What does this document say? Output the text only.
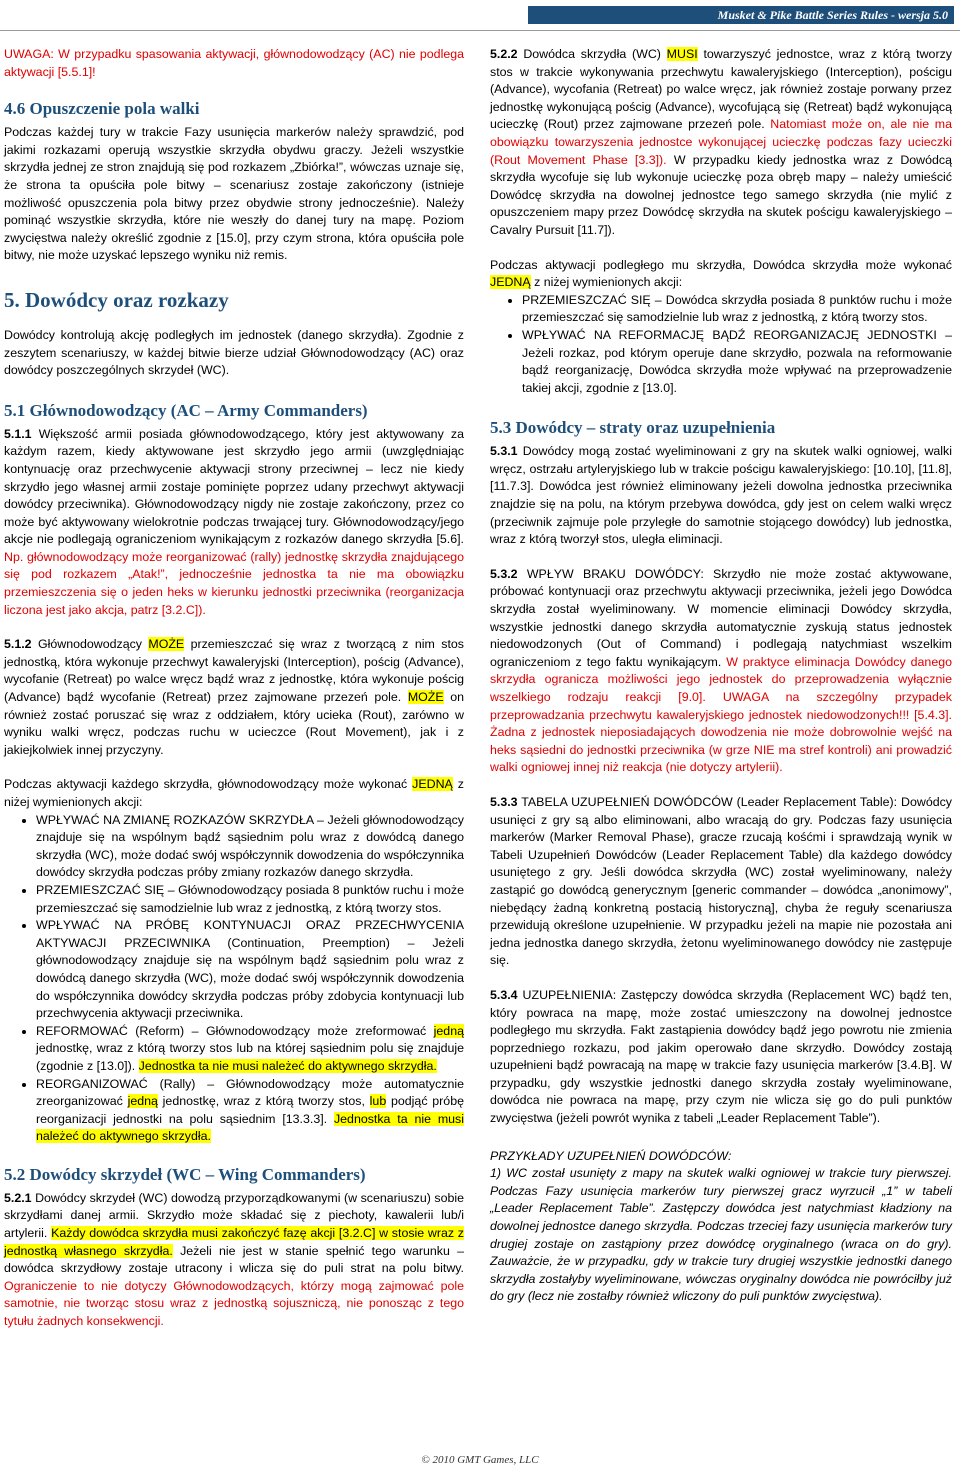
Musket & Pike Battle Series Rules - wersja 5.0

UWAGA: W przypadku spasowania aktywacji, głównodowodzący (AC) nie podlega aktywacji [5.5.1]!

4.6 Opuszczenie pola walki

Podczas każdej tury w trakcie Fazy usunięcia markerów należy sprawdzić, pod jakimi rozkazami operują wszystkie skrzydła obydwu graczy. Jeżeli wszystkie skrzydła jednej ze stron znajdują się pod rozkazem „Zbiórka!”, wówczas uznaje się, że strona ta opuściła pole bitwy – scenariusz zostaje zakończony (istnieje możliwość opuszczenia pola bitwy przez obydwie strony jednocześnie). Należy pominąć wszystkie skrzydła, które nie weszły do danej tury na mapę. Poziom zwycięstwa należy określić zgodnie z [15.0], przy czym strona, która opuściła pole bitwy, nie może uzyskać lepszego wyniku niż remis.

5. Dowódcy oraz rozkazy

Dowódcy kontrolują akcję podległych im jednostek (danego skrzydła). Zgodnie z zeszytem scenariuszy, w każdej bitwie bierze udział Głównodowodzący (AC) oraz dowódcy poszczególnych skrzydeł (WC).

5.1 Głównodowodzący (AC – Army Commanders)

5.1.1 Większość armii posiada głównodowodzącego, który jest aktywowany za każdym razem, kiedy aktywowane jest skrzydło jego armii (uwzględniając kontynuację oraz przechwycenie aktywacji strony przeciwnej – lecz nie kiedy skrzydło jego własnej armii zostaje pominięte poprzez udany przechwyt aktywacji dowódcy przeciwnika). Głównodowodzący nigdy nie zostaje zakończony, przez co może być aktywowany wielokrotnie podczas trwającej tury. Głównodowodzący/jego akcje nie podlegają ograniczeniom wynikającym z rozkazów danego skrzydła [5.6]. Np. głównodowodzący może reorganizować (rally) jednostkę skrzydła znajdującego się pod rozkazem „Atak!”, jednocześnie jednostka ta nie ma obowiązku przemieszczenia się o jeden heks w kierunku jednostki przeciwnika (reorganizacja liczona jest jako akcja, patrz [3.2.C]).

5.1.2 Głównodowodzący MOŻE przemieszczać się wraz z tworzącą z nim stos jednostką, która wykonuje przechwyt kawaleryjski (Interception), pościg (Advance), wycofanie (Retreat) po walce wręcz bądź wraz z jednostkę, która wykonuje pościg (Advance) bądź wycofanie (Retreat) przez zajmowane przezeń pole. MOŻE on również zostać poruszać się wraz z oddziałem, który ucieka (Rout), zarówno w wyniku walki wręcz, podczas ruchu w ucieczce (Rout Movement), jak i z jakiejkolwiek innej przyczyny.

Podczas aktywacji każdego skrzydła, głównodowodzący może wykonać JEDNĄ z niżej wymienionych akcji:

• WPŁYWAĆ NA ZMIANĘ ROZKAZÓW SKRZYDŁA – Jeżeli głównodowodzący znajduje się na wspólnym bądź sąsiednim polu wraz z dowódcą danego skrzydła (WC), może dodać swój współczynnik dowodzenia do współczynnika dowódcy skrzydła podczas próby zmiany rozkazów danego skrzydła.
• PRZEMIESZCZAĆ SIĘ – Głównodowodzący posiada 8 punktów ruchu i może przemieszczać się samodzielnie lub wraz z jednostką, z którą tworzy stos.
• WPŁYWAĆ NA PRÓBĘ KONTYNUACJI ORAZ PRZECHWYCENIA AKTYWACJI PRZECIWNIKA (Continuation, Preemption) – Jeżeli głównodowodzący znajduje się na wspólnym bądź sąsiednim polu wraz z dowódcą danego skrzydła (WC), może dodać swój współczynnik dowodzenia do współczynnika dowódcy skrzydła podczas próby zdobycia kontynuacji lub przechwycenia aktywacji przeciwnika.
• REFORMOWAĆ (Reform) – Głównodowodzący może zreformować jedną jednostkę, wraz z którą tworzy stos lub na której sąsiednim polu się znajduje (zgodnie z [13.0]). Jednostka ta nie musi należeć do aktywnego skrzydła.
• REORGANIZOWAĆ (Rally) – Głównodowodzący może automatycznie zreorganizować jedną jednostkę, wraz z którą tworzy stos, lub podjąć próbę reorganizacji jednostki na polu sąsiednim [13.3.3]. Jednostka ta nie musi należeć do aktywnego skrzydła.
5.2 Dowódcy skrzydeł (WC – Wing Commanders)

5.2.1 Dowódcy skrzydeł (WC) dowodzą przyporządkowanymi (w scenariuszu) sobie skrzydłami danej armii. Skrzydło może składać się z piechoty, kawalerii lub/i artylerii. Każdy dowódca skrzydła musi zakończyć fazę akcji [3.2.C] w stosie wraz z jednostką własnego skrzydła. Jeżeli nie jest w stanie spełnić tego warunku – dowódca skrzydłowy zostaje utracony i wlicza się do puli strat na polu bitwy. Ograniczenie to nie dotyczy Głównodowodzących, którzy mogą zajmować pole samotnie, nie tworząc stosu wraz z jednostką sojuszniczą, nie ponosząc z tego tytułu żadnych konsekwencji.

5.2.2 Dowódca skrzydła (WC) MUSI towarzyszyć jednostce, wraz z którą tworzy stos w trakcie wykonywania przechwytu kawaleryjskiego (Interception), pościgu (Advance), wycofania (Retreat) po walce wręcz, jak również zostaje porwany przez jednostkę wykonującą pościg (Advance), wycofującą się (Retreat) bądź wykonującą ucieczkę (Rout) przez zajmowane przezeń pole. Natomiast może on, ale nie ma obowiązku towarzyszenia jednostce wykonującej ucieczkę podczas fazy ucieczki (Rout Movement Phase [3.3]). W przypadku kiedy jednostka wraz z Dowódcą skrzydła wycofuje się lub wykonuje ucieczkę poza obręb mapy – należy umieścić Dowódcę skrzydła na dowolnej jednostce tego samego skrzydła (nie mylić z opuszczeniem mapy przez Dowódcę skrzydła na skutek pościgu kawaleryjskiego – Cavalry Pursuit [11.7]).

Podczas aktywacji podległego mu skrzydła, Dowódca skrzydła może wykonać JEDNĄ z niżej wymienionych akcji:

• PRZEMIESZCZAĆ SIĘ – Dowódca skrzydła posiada 8 punktów ruchu i może przemieszczać się samodzielnie lub wraz z jednostką, z którą tworzy stos.
• WPŁYWAĆ NA REFORMACJĘ BĄDŹ REORGANIZACJĘ JEDNOSTKI – Jeżeli rozkaz, pod którym operuje dane skrzydło, pozwala na reformowanie bądź reorganizację, Dowódca skrzydła może wpływać na przeprowadzenie takiej akcji, zgodnie z [13.0].
5.3 Dowódcy – straty oraz uzupełnienia

5.3.1 Dowódcy mogą zostać wyeliminowani z gry na skutek walki ogniowej, walki wręcz, ostrzału artyleryjskiego lub w trakcie pościgu kawaleryjskiego: [10.10], [11.8], [11.7.3]. Dowódca jest również eliminowany jeżeli dowolna jednostka przeciwnika znajdzie się na polu, na którym przebywa dowódca, gdy jest on celem walki wręcz (przeciwnik zajmuje pole przyległe do samotnie stojącego dowódcy) lub jednostka, wraz z którą tworzył stos, uległa eliminacji.

5.3.2 WPŁYW BRAKU DOWÓDCY: Skrzydło nie może zostać aktywowane, próbować kontynuacji oraz przechwytu aktywacji przeciwnika, jeżeli jego Dowódca skrzydła został wyeliminowany. W momencie eliminacji Dowódcy skrzydła, wszystkie jednostki danego skrzydła automatycznie zyskują status jednostek niedowodzonych (Out of Command) i podlegają natychmiast wszelkim ograniczeniom z tego faktu wynikającym. W praktyce eliminacja Dowódcy danego skrzydła ogranicza możliwości jego jednostek do przeprowadzenia wyłącznie wszelkiego rodzaju reakcji [9.0]. UWAGA na szczególny przypadek przeprowadzania przechwytu kawaleryjskiego jednostek niedowodzonych!!! [5.4.3]. Żadna z jednostek nieposiadających dowodzenia nie może dobrowolnie wejść na heks sąsiedni do jednostki przeciwnika (w grze NIE ma stref kontroli) ani prowadzić walki ogniowej innej niż reakcja (nie dotyczy artylerii).

5.3.3 TABELA UZUPEŁNIEŃ DOWÓDCÓW (Leader Replacement Table): Dowódcy usunięci z gry są albo eliminowani, albo wracają do gry. Podczas fazy usunięcia markerów (Marker Removal Phase), gracze rzucają kośćmi i sprawdzają wynik w Tabeli Uzupełnień Dowódców (Leader Replacement Table) dla każdego dowódcy usuniętego z gry. Jeśli dowódca skrzydła (WC) został wyeliminowany, należy zastąpić go dowódcą generycznym [generic commander – dowódca „anonimowy”, niebędący żadną konkretną postacią historyczną], chyba że reguły scenariusza przewidują określone uzupełnienie. W przypadku jeżeli na mapie nie pozostała ani jedna jednostka danego skrzydła, żetonu wyeliminowanego dowódcy nie zastępuje się.

5.3.4 UZUPEŁNIENIA: Zastępczy dowódca skrzydła (Replacement WC) bądź ten, który powraca na mapę, może zostać umieszczony na dowolnej jednostce podległego mu skrzydła. Fakt zastąpienia dowódcy bądź jego powrotu nie zmienia poprzedniego rozkazu, pod jakim operowało dane skrzydło. Dowódcy zostają uzupełnieni bądź powracają na mapę w trakcie fazy usunięcia markerów [3.4.B]. W przypadku, gdy wszystkie jednostki danego skrzydła zostały wyeliminowane, dowódca nie powraca na mapę, przy czym nie wlicza się go do puli punktów zwycięstwa (jeżeli powrót wynika z tabeli „Leader Replacement Table”).

PRZYKŁADY UZUPEŁNIEŃ DOWÓDCÓW:

1) WC został usunięty z mapy na skutek walki ogniowej w trakcie tury pierwszej. Podczas Fazy usunięcia markerów tury pierwszej gracz wyrzucił „1” w tabeli „Leader Replacement Table”. Zastępczy dowódca jest natychmiast kładziony na dowolnej jednostce danego skrzydła. Podczas trzeciej fazy usunięcia markerów tury drugiej zostaje on zastąpiony przez dowódcę oryginalnego (wraca on do gry). Zauważcie, że w przypadku, gdy w trakcie tury drugiej wszystkie jednostki danego skrzydła zostałyby wyeliminowane, wówczas oryginalny dowódca nie powróciłby już do gry (lecz nie zostałby również wliczony do puli punktów zwycięstwa).

© 2010 GMT Games, LLC
